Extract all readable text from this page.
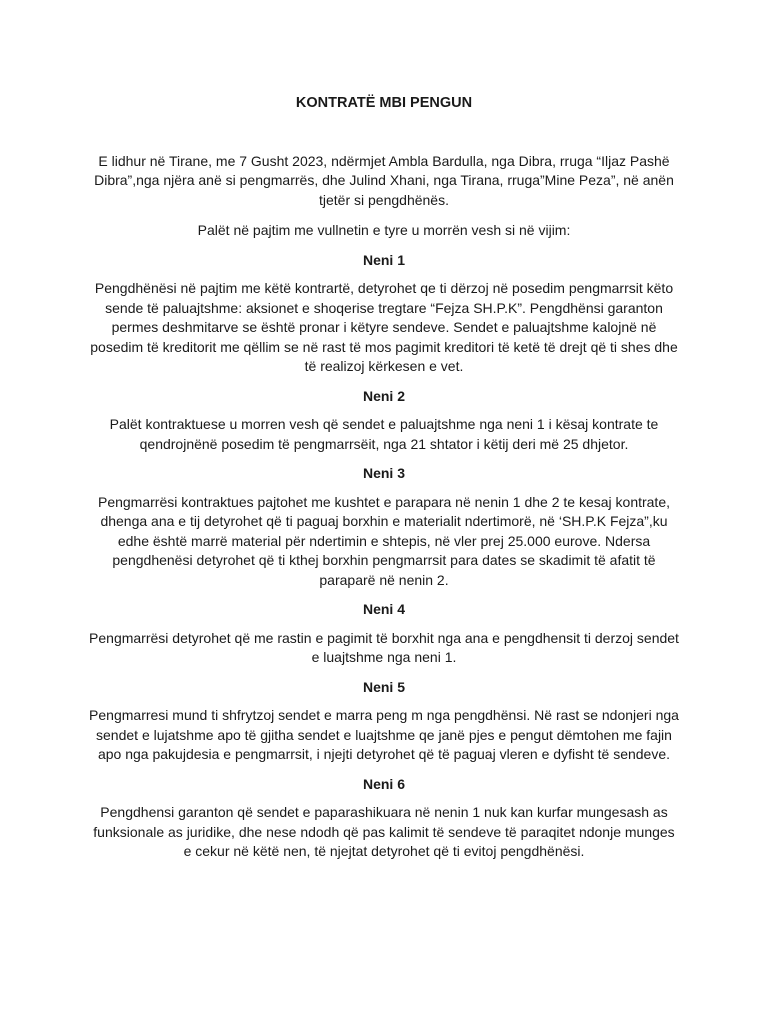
KONTRATË MBI PENGUN

E lidhur në Tirane, me 7 Gusht 2023, ndërmjet Ambla Bardulla, nga Dibra, rruga “Iljaz Pashë Dibra”,nga njëra anë si pengmarrës, dhe Julind Xhani, nga Tirana, rruga”Mine Peza”, në anën tjetër si pengdhënës.

Palët në pajtim me vullnetin e tyre u morrën vesh si në vijim:

Neni 1

Pengdhënësi në pajtim me këtë kontrartë, detyrohet qe ti dërzoj në posedim pengmarrsit këto sende të paluajtshme: aksionet e shoqerise tregtare “Fejza SH.P.K”. Pengdhënsi garanton permes deshmitarve se është pronar i këtyre sendeve. Sendet e paluajtshme kalojnë në posedim të kreditorit me qëllim se në rast të mos pagimit kreditori të ketë të drejt që ti shes dhe të realizoj kërkesen e vet.

Neni 2

Palët kontraktuese u morren vesh që sendet e paluajtshme nga neni 1 i kësaj kontrate te qendrojnënë posedim të pengmarrsëit, nga 21 shtator i këtij deri më 25 dhjetor.

Neni 3

Pengmarrësi kontraktues pajtohet me kushtet e parapara në nenin 1 dhe 2 te kesaj kontrate, dhenga ana e tij detyrohet që ti paguaj borxhin e materialit ndertimorë, në ‘SH.P.K Fejza”,ku edhe është marrë material për ndertimin e shtepis, në vler prej 25.000 eurove. Ndersa pengdhenësi detyrohet që ti kthej borxhin pengmarrsit para dates se skadimit të afatit të paraparë në nenin 2.

Neni 4

Pengmarrësi detyrohet që me rastin e pagimit të borxhit nga ana e pengdhensit ti derzoj sendet e luajtshme nga neni 1.

Neni 5

Pengmarresi mund ti shfrytzoj sendet e marra peng m nga pengdhënsi. Në rast se ndonjeri nga sendet e lujatshme apo të gjitha sendet e luajtshme qe janë pjes e pengut dëmtohen me fajin apo nga pakujdesia e pengmarrsit, i njejti detyrohet që të paguaj vleren e dyfisht të sendeve.

Neni 6

Pengdhensi garanton që sendet e paparashikuara në nenin 1 nuk kan kurfar mungesash as funksionale as juridike, dhe nese ndodh që pas kalimit të sendeve të paraqitet ndonje munges e cekur në këtë nen, të njejtat detyrohet që ti evitoj pengdhënësi.
